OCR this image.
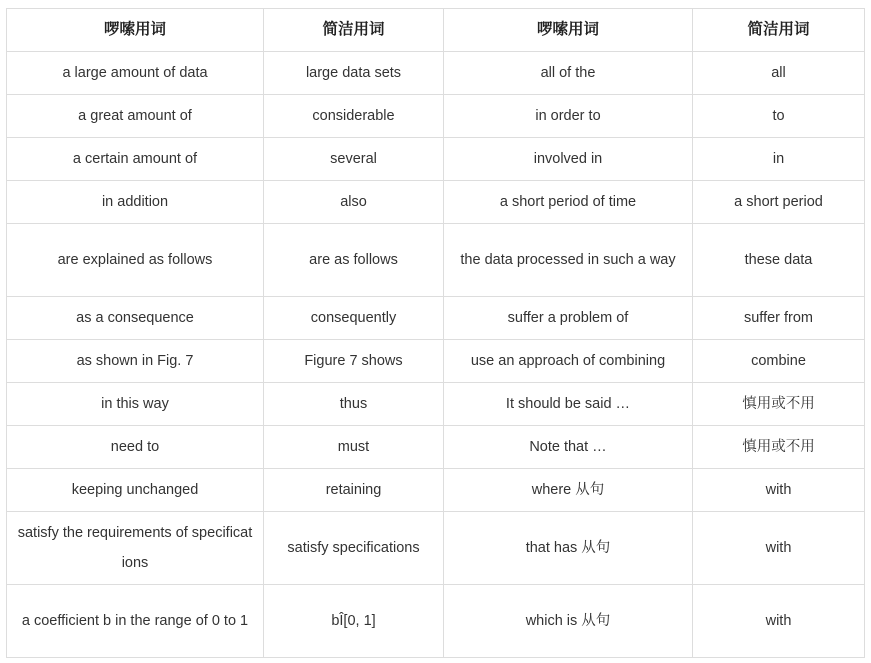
啰嗦用词	简洁用词	啰嗦用词	简洁用词
a large amount of data	large data sets	all of the	all
a great amount of	considerable	in order to	to
a certain amount of	several	involved in	in
in addition	also	a short period of time	a short period
are explained as follows	are as follows	the data processed in such a way	these data
as a consequence	consequently	suffer a problem of	suffer from
as shown in Fig. 7	Figure 7 shows	use an approach of combining	combine
in this way	thus	It should be said …	慎用或不用
need to	must	Note that …	慎用或不用
keeping unchanged	retaining	where 从句	with
satisfy the requirements of specifications	satisfy specifications	that has 从句	with
a coefficient b in the range of 0 to 1	bÎ[0, 1]	which is 从句	with
